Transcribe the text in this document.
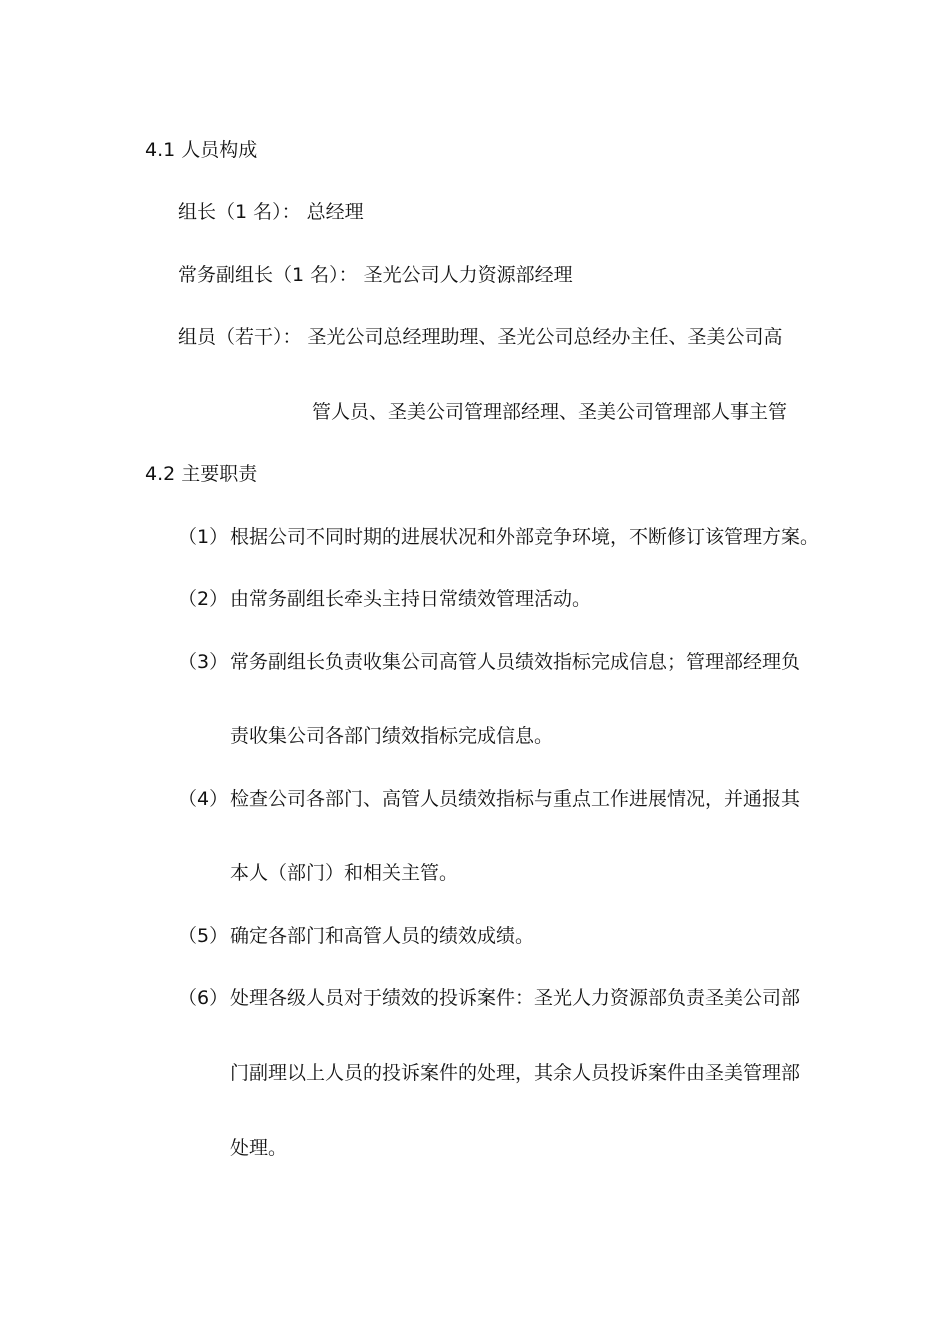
4.1 人员构成
组长（1 名）： 总经理
常务副组长（1 名）： 圣光公司人力资源部经理
组员（若干）： 圣光公司总经理助理、圣光公司总经办主任、圣美公司高
管人员、圣美公司管理部经理、圣美公司管理部人事主管
4.2 主要职责
（1） 根据公司不同时期的进展状况和外部竞争环境，不断修订该管理方案。
（2） 由常务副组长牵头主持日常绩效管理活动。
（3） 常务副组长负责收集公司高管人员绩效指标完成信息；管理部经理负
责收集公司各部门绩效指标完成信息。
（4） 检查公司各部门、高管人员绩效指标与重点工作进展情况，并通报其
本人（部门）和相关主管。
（5） 确定各部门和高管人员的绩效成绩。
（6） 处理各级人员对于绩效的投诉案件：圣光人力资源部负责圣美公司部
门副理以上人员的投诉案件的处理，其余人员投诉案件由圣美管理部
处理。
